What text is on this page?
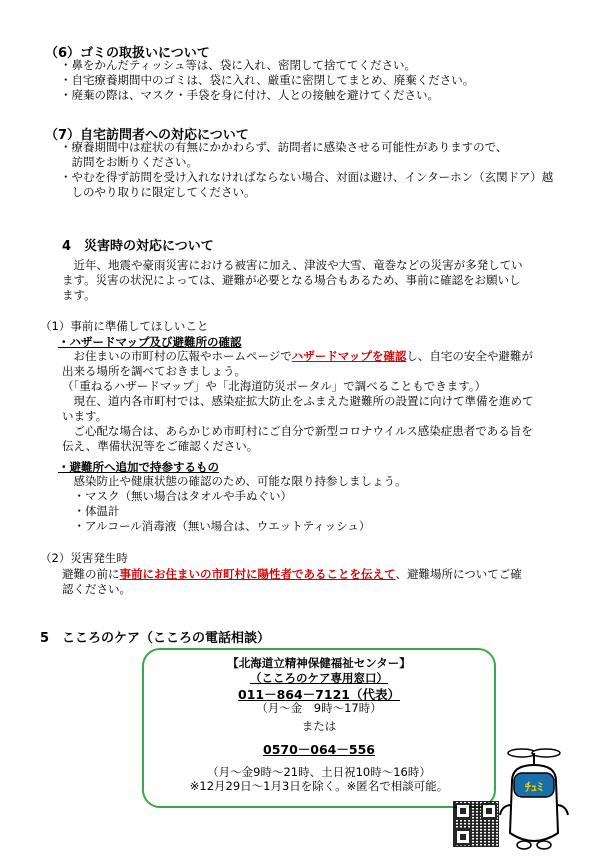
（6）ゴミの取扱いについて
・鼻をかんだティッシュ等は、袋に入れ、密閉して捨ててください。
・自宅療養期間中のゴミは、袋に入れ、厳重に密閉してまとめ、廃棄ください。
・廃棄の際は、マスク・手袋を身に付け、人との接触を避けてください。
（7）自宅訪問者への対応について
・療養期間中は症状の有無にかかわらず、訪問者に感染させる可能性がありますので、
　訪問をお断りください。
・やむを得ず訪問を受け入れなければならない場合、対面は避け、インターホン（玄関ドア）越
　しのやり取りに限定してください。
4　災害時の対応について
　近年、地震や豪雨災害における被害に加え、津波や大雪、竜巻などの災害が多発してい
ます。災害の状況によっては、避難が必要となる場合もあるため、事前に確認をお願いし
ます。
（1）事前に準備してほしいこと
・ハザードマップ及び避難所の確認
　お住まいの市町村の広報やホームページでハザードマップを確認し、自宅の安全や避難が
出来る場所を調べておきましょう。
（「重ねるハザードマップ」や「北海道防災ポータル」で調べることもできます。）
　現在、道内各市町村では、感染症拡大防止をふまえた避難所の設置に向けて準備を進めて
います。
　ご心配な場合は、あらかじめ市町村にご自分で新型コロナウイルス感染症患者である旨を
伝え、準備状況等をご確認ください。
・避難所へ追加で持参するもの
　感染防止や健康状態の確認のため、可能な限り持参しましょう。
　・マスク（無い場合はタオルや手ぬぐい）
　・体温計
　・アルコール消毒液（無い場合は、ウエットティッシュ）
（2）災害発生時
避難の前に事前にお住まいの市町村に陽性者であることを伝えて、避難場所についてご確
認ください。
5　こころのケア（こころの電話相談）
【北海道立精神保健福祉センター】
（こころのケア専用窓口）
011－864－7121（代表）
（月～金　9時～17時）
または
0570－064－556
（月～金9時～21時、土日祝10時～16時）
※12月29日～1月3日を除く。※匿名で相談可能。	ﾁｭﾐ
